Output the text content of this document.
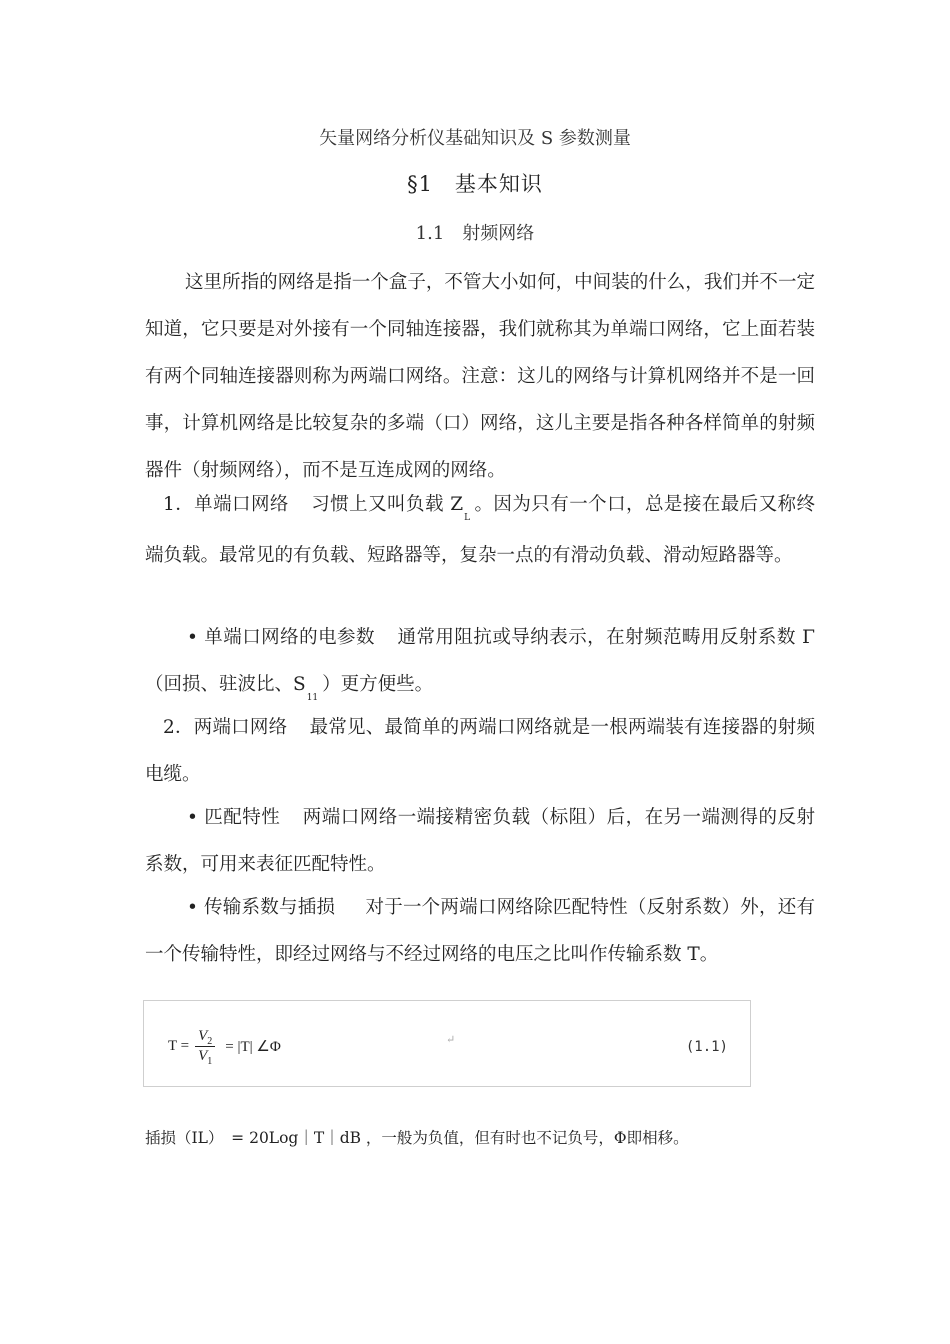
矢量网络分析仪基础知识及 S 参数测量
§1　基本知识
1.1　射频网络

这里所指的网络是指一个盒子，不管大小如何，中间装的什么，我们并不一定知道，它只要是对外接有一个同轴连接器，我们就称其为单端口网络，它上面若装有两个同轴连接器则称为两端口网络。注意：这儿的网络与计算机网络并不是一回事，计算机网络是比较复杂的多端（口）网络，这儿主要是指各种各样简单的射频器件（射频网络），而不是互连成网的网络。

1．单端口网络 习惯上又叫负载 $Z_L$。因为只有一个口，总是接在最后又称终端负载。最常见的有负载、短路器等，复杂一点的有滑动负载、滑动短路器等。

• 单端口网络的电参数 通常用阻抗或导纳表示，在射频范畴用反射系数 Γ（回损、驻波比、$S_{11}$）更方便些。

2．两端口网络 最常见、最简单的两端口网络就是一根两端装有连接器的射频电缆。

• 匹配特性 两端口网络一端接精密负载（标阻）后，在另一端测得的反射系数，可用来表征匹配特性。

• 传输系数与插损 对于一个两端口网络除匹配特性（反射系数）外，还有一个传输特性，即经过网络与不经过网络的电压之比叫作传输系数 T。

$T = \frac{V_2}{V_1} = |T|$ ∠Φ	↵	(1.1)
插损（IL）　= 20Log｜T｜dB ，一般为负值，但有时也不记负号，Φ即相移。
